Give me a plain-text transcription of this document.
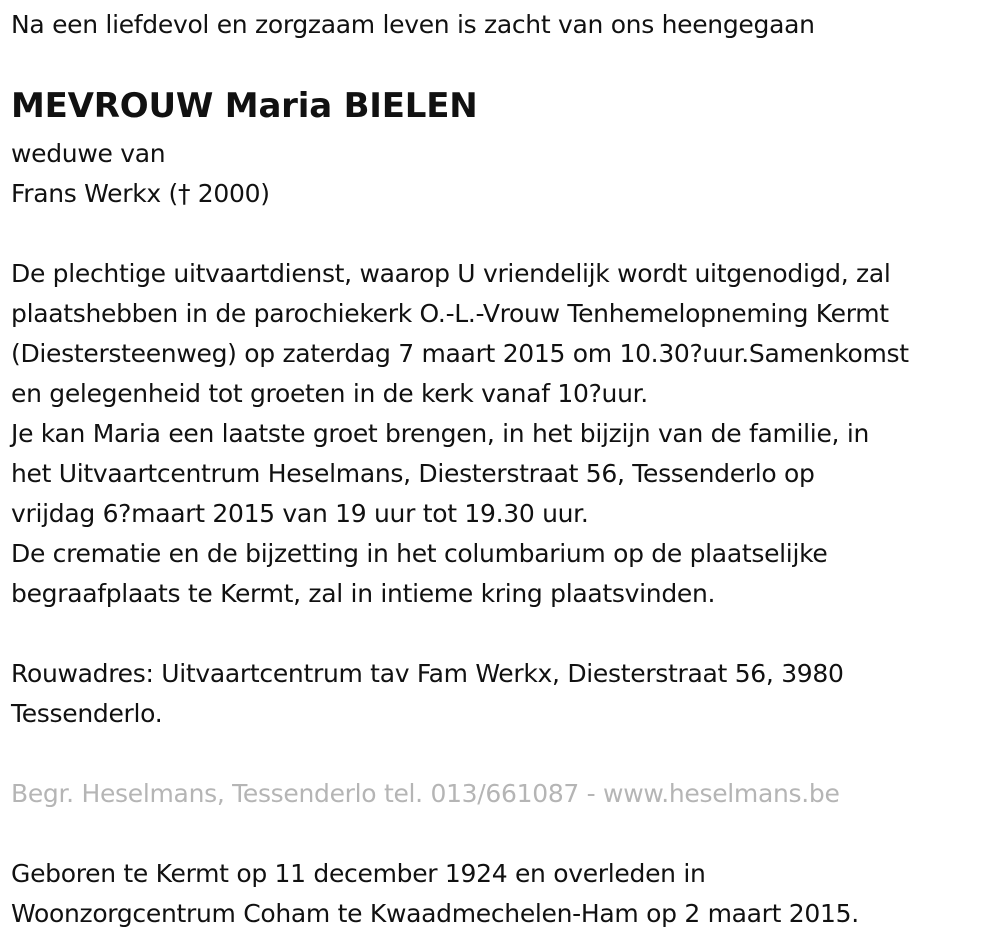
Na een liefdevol en zorgzaam leven is zacht van ons heengegaan
MEVROUW Maria BIELEN
weduwe van
Frans Werkx († 2000)
De plechtige uitvaartdienst, waarop U vriendelijk wordt uitgenodigd, zal
plaatshebben in de parochiekerk O.-L.-Vrouw Tenhemelopneming Kermt
(Diestersteenweg) op zaterdag 7 maart 2015 om 10.30?uur.Samenkomst
en gelegenheid tot groeten in de kerk vanaf 10?uur.
Je kan Maria een laatste groet brengen, in het bijzijn van de familie, in
het Uitvaartcentrum Heselmans, Diesterstraat 56, Tessenderlo op
vrijdag 6?maart 2015 van 19 uur tot 19.30 uur.
De crematie en de bijzetting in het columbarium op de plaatselijke
begraafplaats te Kermt, zal in intieme kring plaatsvinden.
Rouwadres: Uitvaartcentrum tav Fam Werkx, Diesterstraat 56, 3980
Tessenderlo.
Begr. Heselmans, Tessenderlo tel. 013/661087 - www.heselmans.be
Geboren te Kermt op 11 december 1924 en overleden in
Woonzorgcentrum Coham te Kwaadmechelen-Ham op 2 maart 2015.
